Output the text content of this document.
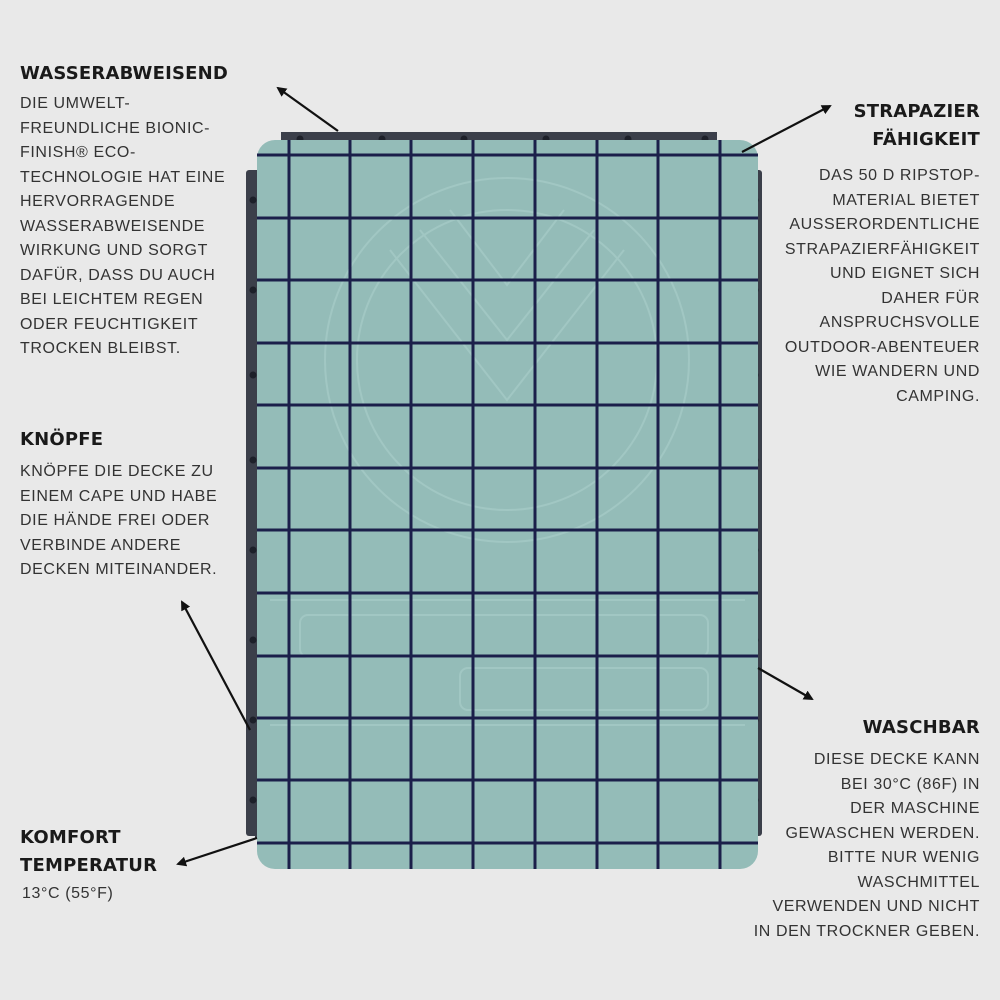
WASSERABWEISEND
DIE UMWELT-
FREUNDLICHE BIONIC-
FINISH® ECO-
TECHNOLOGIE HAT EINE
HERVORRAGENDE
WASSERABWEISENDE
WIRKUNG UND SORGT
DAFÜR, DASS DU AUCH
BEI LEICHTEM REGEN
ODER FEUCHTIGKEIT
TROCKEN BLEIBST.
KNÖPFE
KNÖPFE DIE DECKE ZU
EINEM CAPE UND HABE
DIE HÄNDE FREI ODER
VERBINDE ANDERE
DECKEN MITEINANDER.
KOMFORT
TEMPERATUR
13°C (55°F)
STRAPAZIER
FÄHIGKEIT
DAS 50 D RIPSTOP-
MATERIAL BIETET
AUSSERORDENTLICHE
STRAPAZIERFÄHIGKEIT
UND EIGNET SICH
DAHER FÜR
ANSPRUCHSVOLLE
OUTDOOR-ABENTEUER
WIE WANDERN UND
CAMPING.
WASCHBAR
DIESE DECKE KANN
BEI 30°C (86F) IN
DER MASCHINE
GEWASCHEN WERDEN.
BITTE NUR WENIG
WASCHMITTEL
VERWENDEN UND NICHT
IN DEN TROCKNER GEBEN.
